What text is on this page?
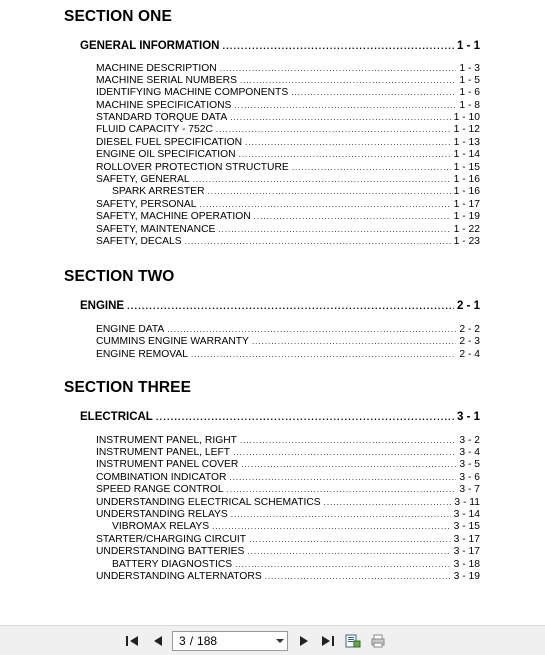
SECTION ONE
GENERAL INFORMATION .....	1 - 1
MACHINE DESCRIPTION .....	1 - 3
MACHINE SERIAL NUMBERS .....	1 - 5
IDENTIFYING MACHINE COMPONENTS .....	1 - 6
MACHINE SPECIFICATIONS .....	1 - 8
STANDARD TORQUE DATA .....	1 - 10
FLUID CAPACITY - 752C .....	1 - 12
DIESEL FUEL SPECIFICATION .....	1 - 13
ENGINE OIL SPECIFICATION .....	1 - 14
ROLLOVER PROTECTION STRUCTURE .....	1 - 15
SAFETY, GENERAL .....	1 - 16
SPARK ARRESTER .....	1 - 16
SAFETY, PERSONAL .....	1 - 17
SAFETY, MACHINE OPERATION .....	1 - 19
SAFETY, MAINTENANCE .....	1 - 22
SAFETY, DECALS .....	1 - 23
SECTION TWO
ENGINE .....	2 - 1
ENGINE DATA .....	2 - 2
CUMMINS ENGINE WARRANTY .....	2 - 3
ENGINE REMOVAL .....	2 - 4
SECTION THREE
ELECTRICAL .....	3 - 1
INSTRUMENT PANEL, RIGHT .....	3 - 2
INSTRUMENT PANEL, LEFT .....	3 - 4
INSTRUMENT PANEL COVER .....	3 - 5
COMBINATION INDICATOR .....	3 - 6
SPEED RANGE CONTROL .....	3 - 7
UNDERSTANDING ELECTRICAL SCHEMATICS .....	3 - 11
UNDERSTANDING RELAYS .....	3 - 14
VIBROMAX RELAYS .....	3 - 15
STARTER/CHARGING CIRCUIT .....	3 - 17
UNDERSTANDING BATTERIES .....	3 - 17
BATTERY DIAGNOSTICS .....	3 - 18
UNDERSTANDING ALTERNATORS .....	3 - 19
3 / 188
